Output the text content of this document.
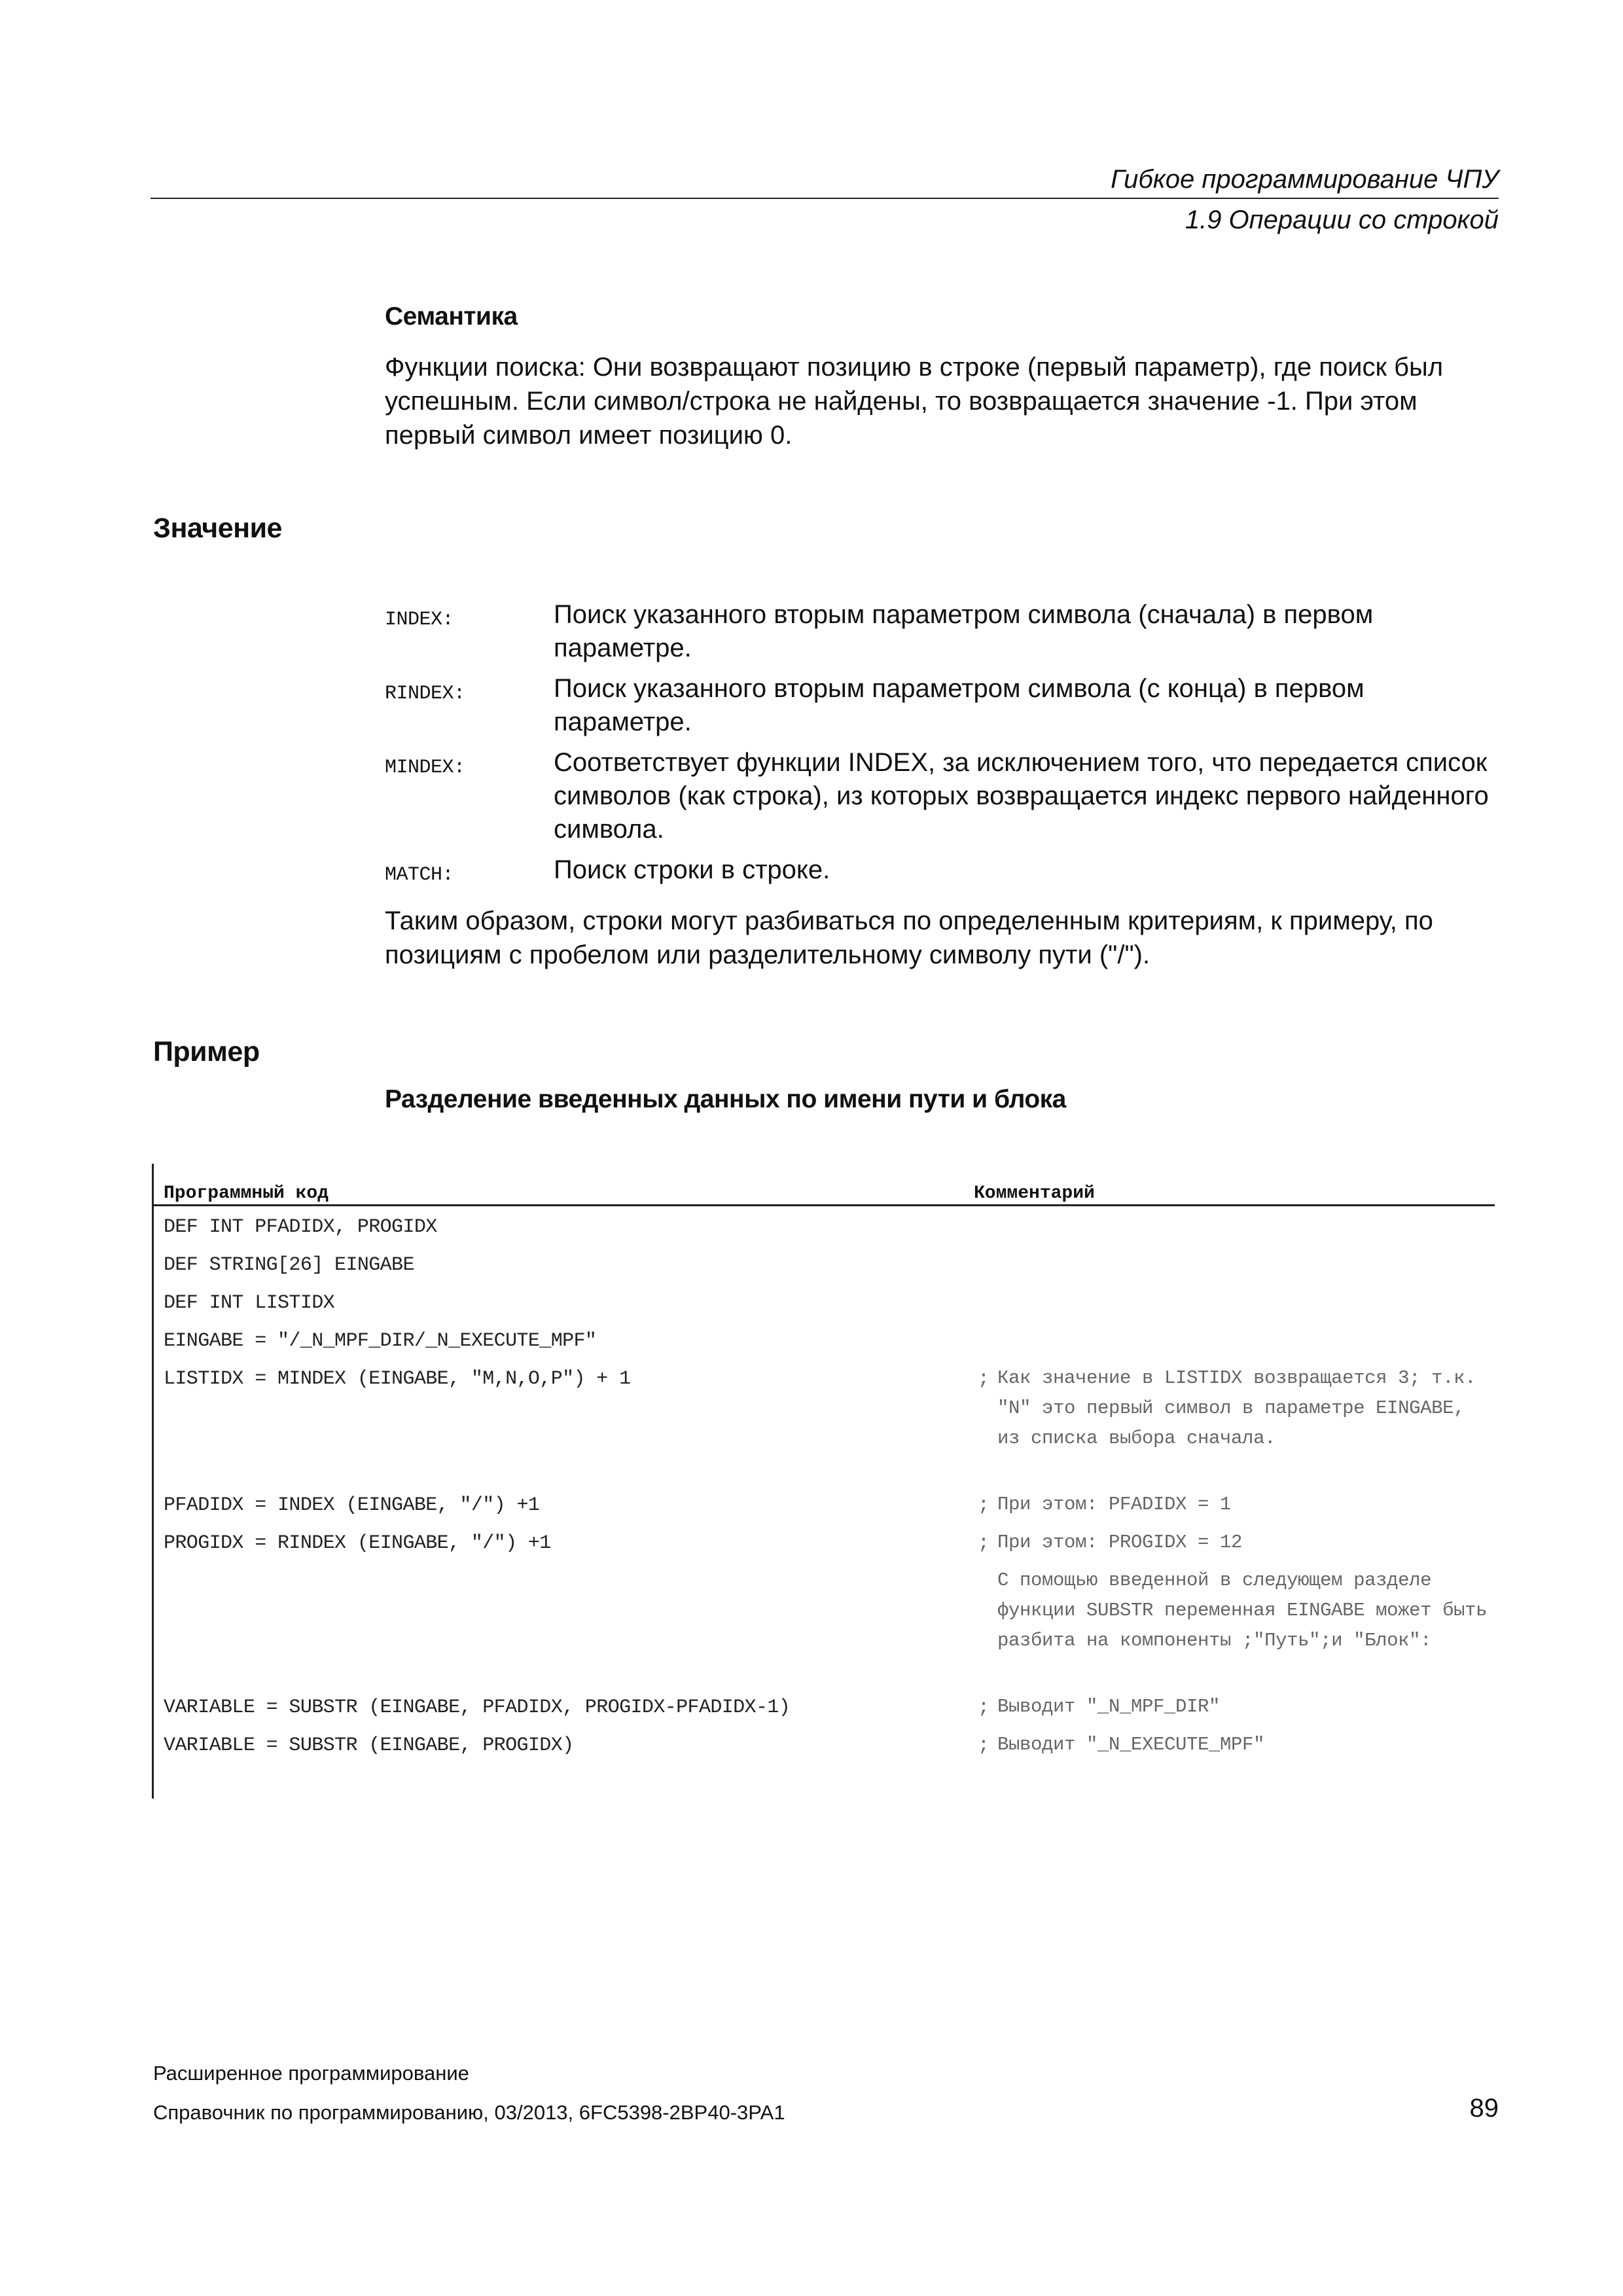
Гибкое программирование ЧПУ
1.9 Операции со строкой
Семантика
Функции поиска: Они возвращают позицию в строке (первый параметр), где поиск был успешным. Если символ/строка не найдены, то возвращается значение -1. При этом первый символ имеет позицию 0.
Значение
INDEX:	Поиск указанного вторым параметром символа (сначала) в первом параметре.
RINDEX:	Поиск указанного вторым параметром символа (с конца) в первом параметре.
MINDEX:	Соответствует функции INDEX, за исключением того, что передается список символов (как строка), из которых возвращается индекс первого найденного символа.
MATCH:	Поиск строки в строке.
Таким образом, строки могут разбиваться по определенным критериям, к примеру, по позициям с пробелом или разделительному символу пути ("/").
Пример
Разделение введенных данных по имени пути и блока
Программный код	Комментарий
DEF INT PFADIDX, PROGIDX
DEF STRING[26] EINGABE
DEF INT LISTIDX
EINGABE = "/_N_MPF_DIR/_N_EXECUTE_MPF"
LISTIDX = MINDEX (EINGABE, "M,N,O,P") + 1	; Как значение в LISTIDX возвращается 3; т.к. "N" это первый символ в параметре EINGABE, из списка выбора сначала.
PFADIDX = INDEX (EINGABE, "/") +1	; При этом: PFADIDX = 1
PROGIDX = RINDEX (EINGABE, "/") +1	; При этом: PROGIDX = 12
С помощью введенной в следующем разделе функции SUBSTR переменная EINGABE может быть разбита на компоненты ;"Путь";и "Блок":
VARIABLE = SUBSTR (EINGABE, PFADIDX, PROGIDX-PFADIDX-1)	; Выводит "_N_MPF_DIR"
VARIABLE = SUBSTR (EINGABE, PROGIDX)	; Выводит "_N_EXECUTE_MPF"
Расширенное программирование
Справочник по программированию, 03/2013, 6FC5398-2BP40-3PA1	89
